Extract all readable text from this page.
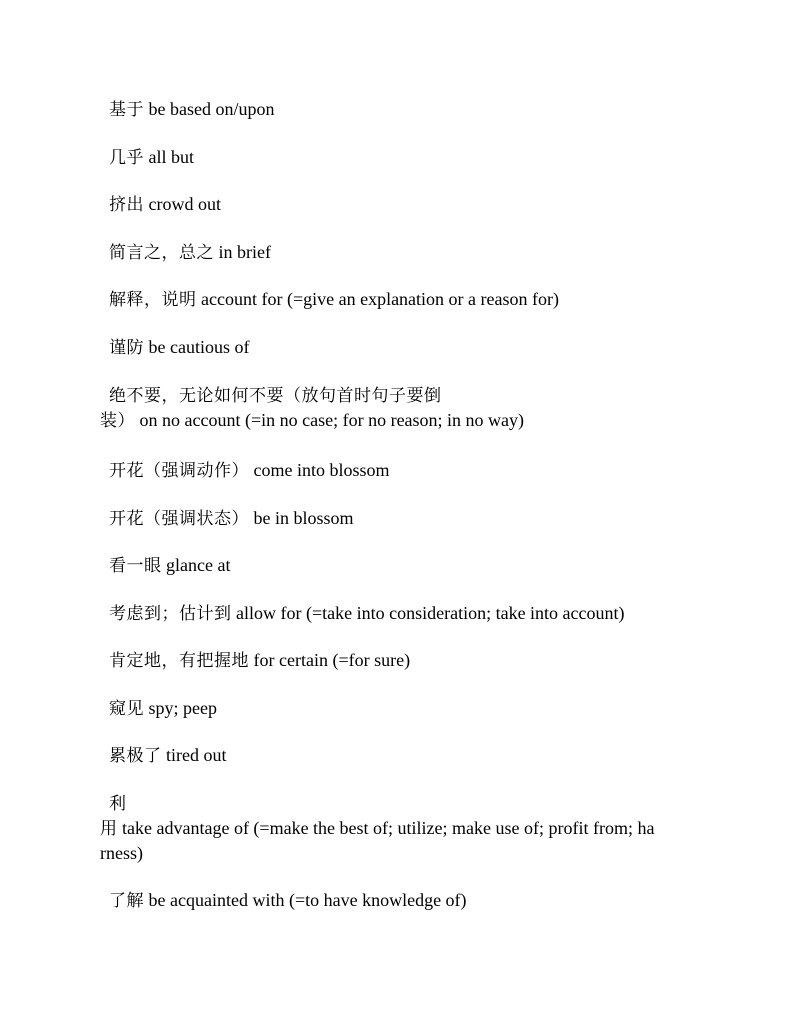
基于 be based on/upon
几乎 all but
挤出 crowd out
简言之，总之 in brief
解释，说明 account for (=give an explanation or a reason for)
谨防 be cautious of
绝不要，无论如何不要（放句首时句子要倒
装） on no account (=in no case; for no reason; in no way)
开花（强调动作） come into blossom
开花（强调状态） be in blossom
看一眼 glance at
考虑到；估计到 allow for (=take into consideration; take into account)
肯定地，有把握地 for certain (=for sure)
窥见 spy; peep
累极了 tired out
利
用 take advantage of (=make the best of; utilize; make use of; profit from; ha
rness)
了解 be acquainted with (=to have knowledge of)
